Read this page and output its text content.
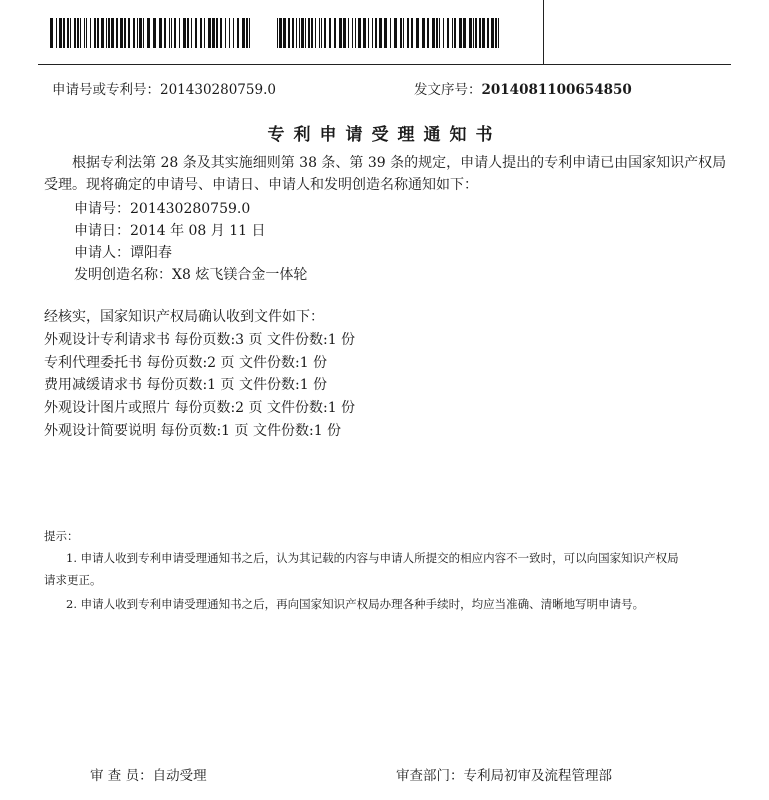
申请号或专利号：201430280759.0	发文序号：2014081100654850
专利申请受理通知书
根据专利法第 28 条及其实施细则第 38 条、第 39 条的规定，申请人提出的专利申请已由国家知识产权局受理。现将确定的申请号、申请日、申请人和发明创造名称通知如下：
申请号：201430280759.0
申请日：2014 年 08 月 11 日
申请人：谭阳春
发明创造名称：X8 炫飞镁合金一体轮
经核实，国家知识产权局确认收到文件如下：
外观设计专利请求书 每份页数:3 页 文件份数:1 份
专利代理委托书 每份页数:2 页 文件份数:1 份
费用减缓请求书 每份页数:1 页 文件份数:1 份
外观设计图片或照片 每份页数:2 页 文件份数:1 份
外观设计简要说明 每份页数:1 页 文件份数:1 份
提示：
1. 申请人收到专利申请受理通知书之后，认为其记载的内容与申请人所提交的相应内容不一致时，可以向国家知识产权局
请求更正。
2. 申请人收到专利申请受理通知书之后，再向国家知识产权局办理各种手续时，均应当准确、清晰地写明申请号。
审 查 员：自动受理	审查部门：专利局初审及流程管理部
